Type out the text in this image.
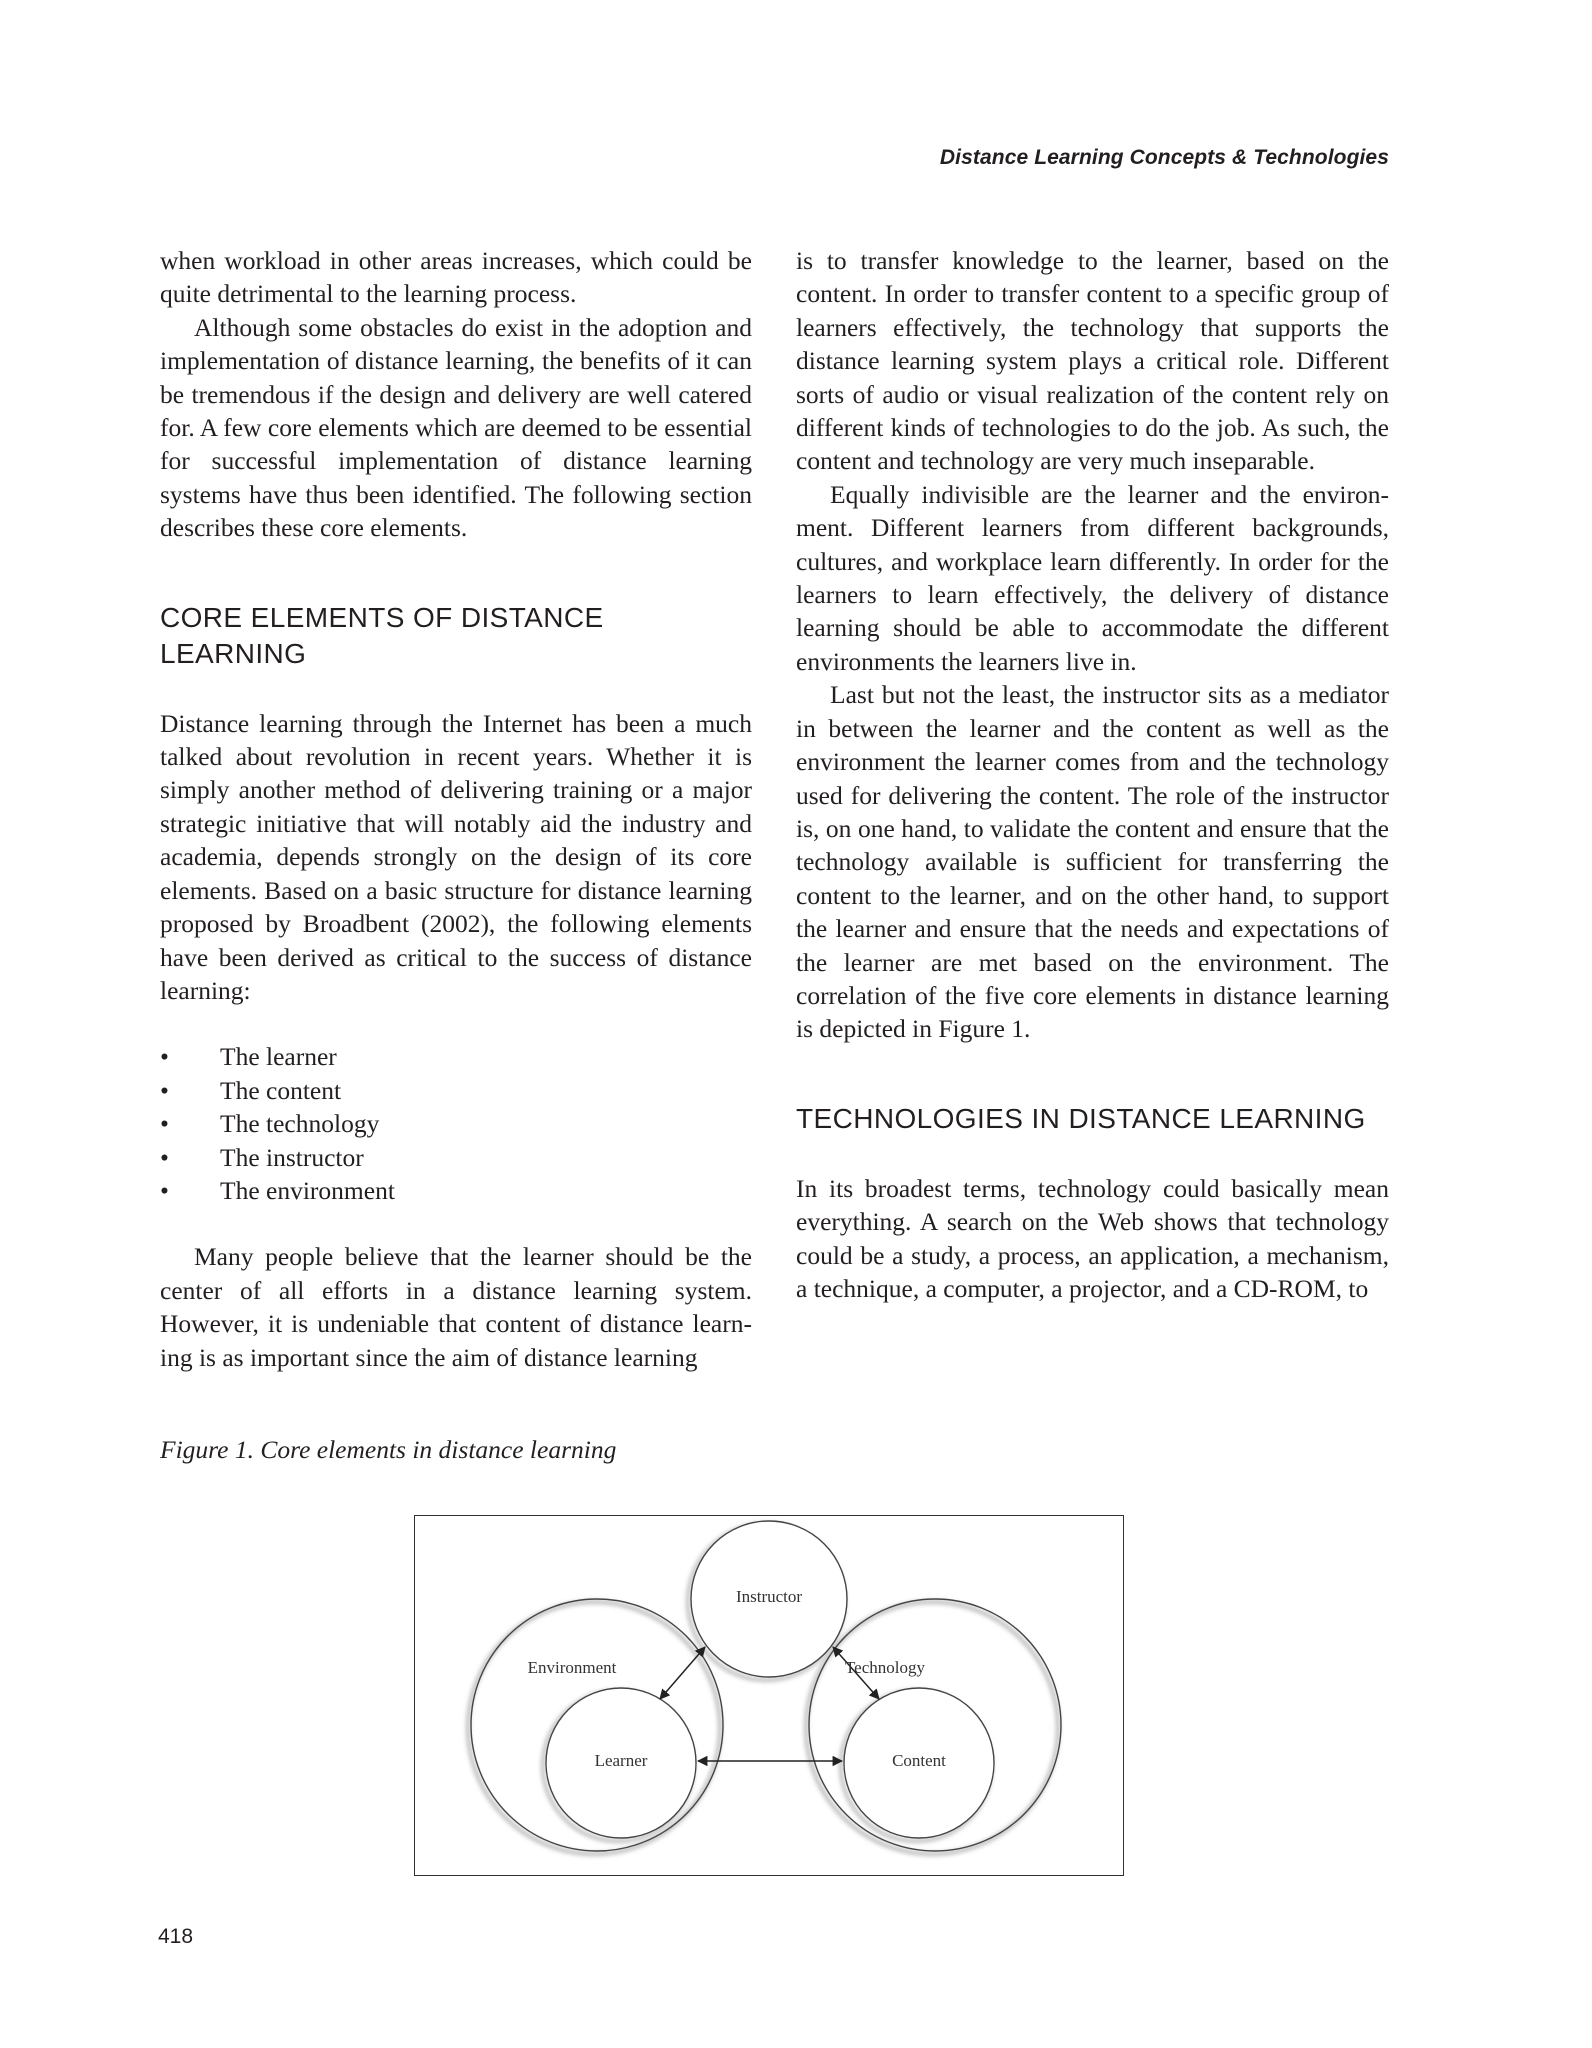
Distance Learning Concepts & Technologies

when workload in other areas increases, which could be quite detrimental to the learning process.

Although some obstacles do exist in the adoption and implementation of distance learning, the benefits of it can be tremendous if the design and delivery are well catered for. A few core elements which are deemed to be essential for successful implementation of distance learning systems have thus been identified. The following section describes these core elements.

CORE ELEMENTS OF DISTANCE LEARNING

Distance learning through the Internet has been a much talked about revolution in recent years. Whether it is simply another method of delivering training or a major strategic initiative that will notably aid the industry and academia, depends strongly on the design of its core elements. Based on a basic structure for distance learning proposed by Broadbent (2002), the following elements have been derived as critical to the success of distance learning:

• The learner
• The content
• The technology
• The instructor
• The environment

Many people believe that the learner should be the center of all efforts in a distance learning system. However, it is undeniable that content of distance learning is as important since the aim of distance learning

is to transfer knowledge to the learner, based on the content. In order to transfer content to a specific group of learners effectively, the technology that supports the distance learning system plays a critical role. Different sorts of audio or visual realization of the content rely on different kinds of technologies to do the job. As such, the content and technology are very much inseparable.

Equally indivisible are the learner and the environment. Different learners from different backgrounds, cultures, and workplace learn differently. In order for the learners to learn effectively, the delivery of distance learning should be able to accommodate the different environments the learners live in.

Last but not the least, the instructor sits as a mediator in between the learner and the content as well as the environment the learner comes from and the technology used for delivering the content. The role of the instructor is, on one hand, to validate the content and ensure that the technology available is sufficient for transferring the content to the learner, and on the other hand, to support the learner and ensure that the needs and expectations of the learner are met based on the environment. The correlation of the five core elements in distance learning is depicted in Figure 1.

TECHNOLOGIES IN DISTANCE LEARNING

In its broadest terms, technology could basically mean everything. A search on the Web shows that technology could be a study, a process, an application, a mechanism, a technique, a computer, a projector, and a CD-ROM, to

Figure 1. Core elements in distance learning
Instructor
Environment	Technology
Learner	Content
418
